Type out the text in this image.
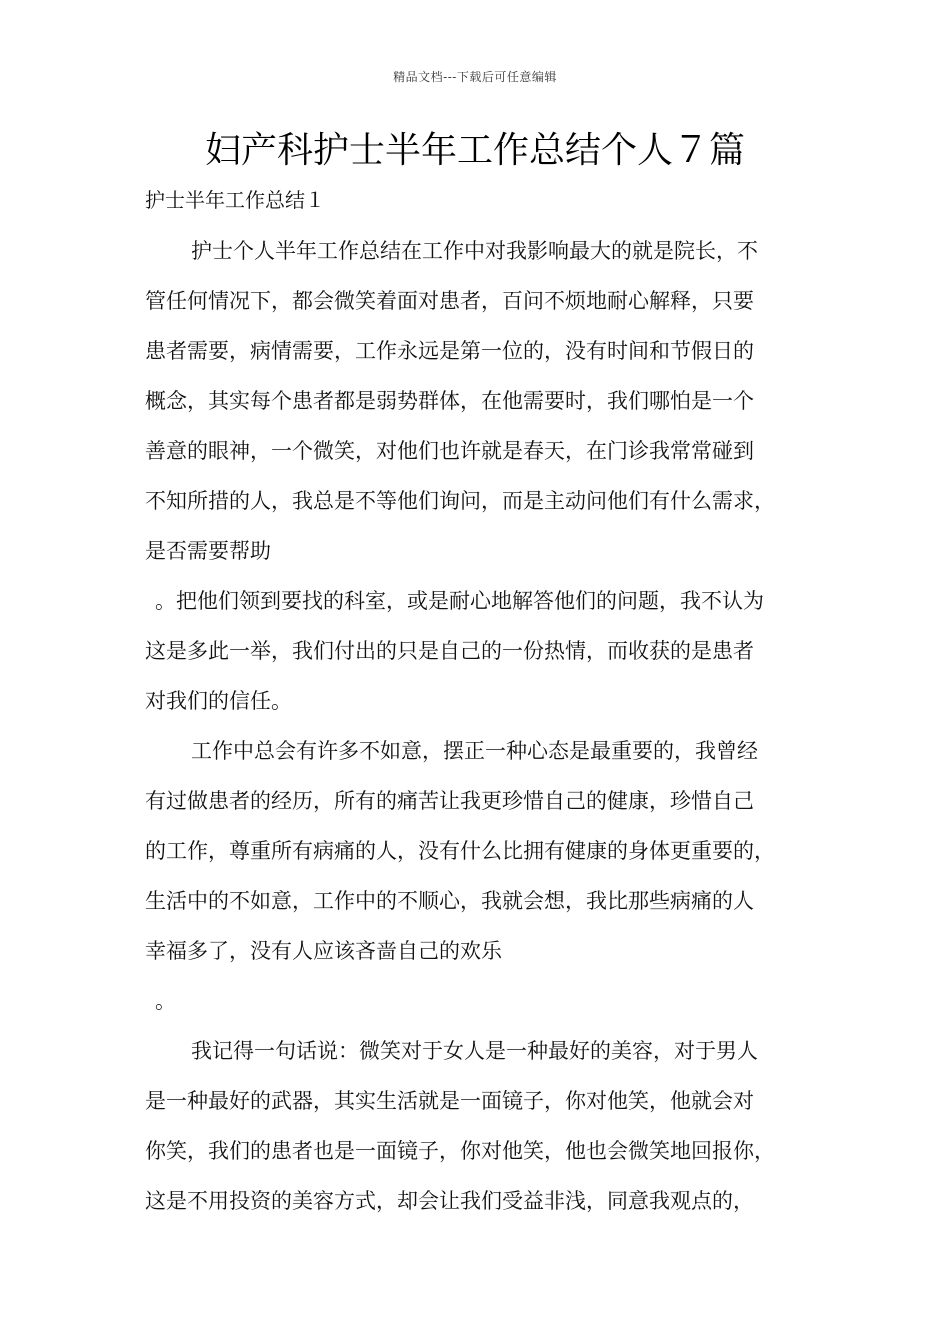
精品文档---下载后可任意编辑
妇产科护士半年工作总结个人７篇
护士半年工作总结１
护士个人半年工作总结在工作中对我影响最大的就是院长，不
管任何情况下，都会微笑着面对患者，百问不烦地耐心解释，只要
患者需要，病情需要，工作永远是第一位的，没有时间和节假日的
概念，其实每个患者都是弱势群体，在他需要时，我们哪怕是一个
善意的眼神，一个微笑，对他们也许就是春天，在门诊我常常碰到
不知所措的人，我总是不等他们询问，而是主动问他们有什么需求，
是否需要帮助
。把他们领到要找的科室，或是耐心地解答他们的问题，我不认为
这是多此一举，我们付出的只是自己的一份热情，而收获的是患者
对我们的信任。
工作中总会有许多不如意，摆正一种心态是最重要的，我曾经
有过做患者的经历，所有的痛苦让我更珍惜自己的健康，珍惜自己
的工作，尊重所有病痛的人，没有什么比拥有健康的身体更重要的，
生活中的不如意，工作中的不顺心，我就会想，我比那些病痛的人
幸福多了，没有人应该吝啬自己的欢乐
。
我记得一句话说：微笑对于女人是一种最好的美容，对于男人
是一种最好的武器，其实生活就是一面镜子，你对他笑，他就会对
你笑，我们的患者也是一面镜子，你对他笑，他也会微笑地回报你，
这是不用投资的美容方式，却会让我们受益非浅，同意我观点的，
